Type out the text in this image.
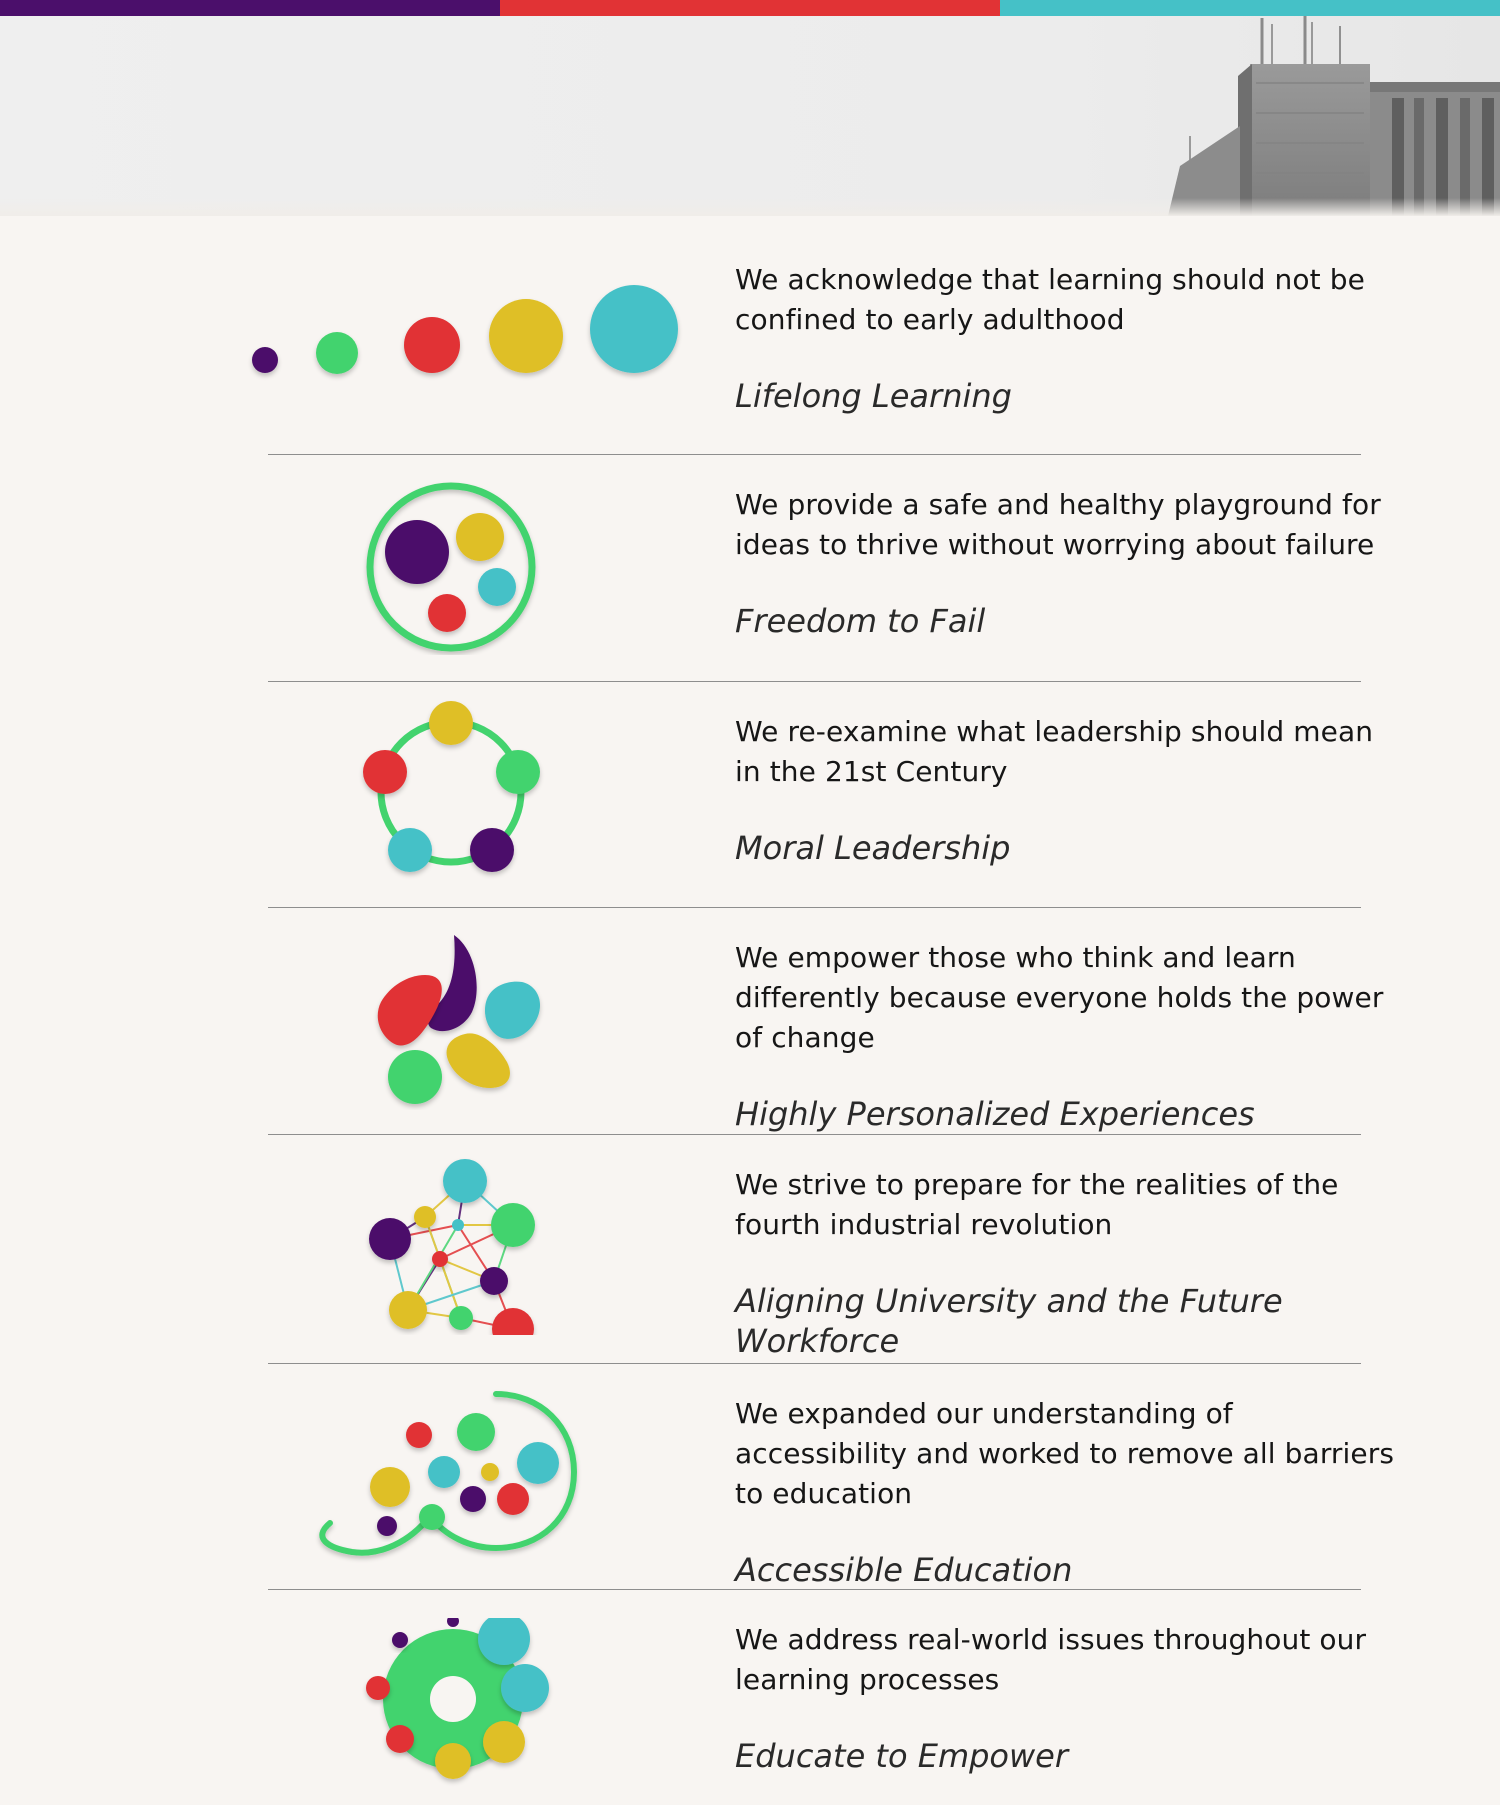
We acknowledge that learning should not be confined to early adulthood

Lifelong Learning

We provide a safe and healthy playground for ideas to thrive without worrying about failure

Freedom to Fail

We re-examine what leadership should mean in the 21st Century

Moral Leadership

We empower those who think and learn differently because everyone holds the power of change

Highly Personalized Experiences

We strive to prepare for the realities of the fourth industrial revolution

Aligning University and the Future Workforce

We expanded our understanding of accessibility and worked to remove all barriers to education

Accessible Education

We address real-world issues throughout our learning processes

Educate to Empower
